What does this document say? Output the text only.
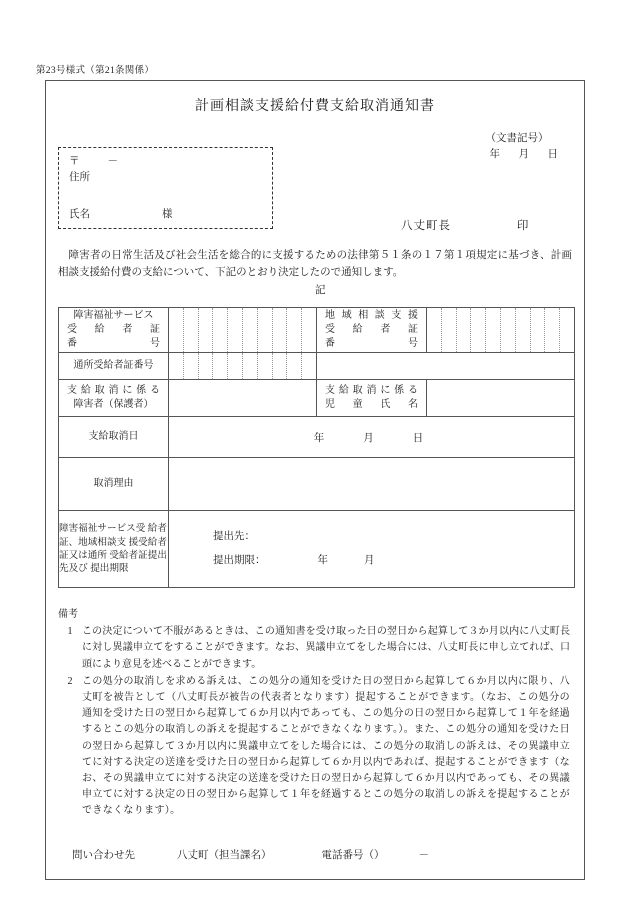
第23号様式（第21条関係）
計画相談支援給付費支給取消通知書
（文書記号）
年　月　日
〒	－
住所
氏名	様
八丈町長	印

障害者の日常生活及び社会生活を総合的に支援するための法律第５１条の１７第１項規定に基づき、計画相談支援給付費の支給について、下記のとおり決定したので通知します。

記

障害福祉サービス
受給者証
番号		地域相談支援
受給者証
番号	

通所受給者証番号		

支給取消に係る
障害者（保護者）		支給取消に係る
児童氏名	

支給取消日	年　　月　　日		
取消理由			
障害福祉サービス受 給者証、地域相談支 援受給者証又は通所 受給者証提出先及び 提出期限	提出先：
提出期限： 年　　月		
備考
1 この決定について不服があるときは、この通知書を受け取った日の翌日から起算して３か月以内に八丈町長に対し異議申立てをすることができます。なお、異議申立てをした場合には、八丈町長に申し立てれば、口頭により意見を述べることができます。
2 この処分の取消しを求める訴えは、この処分の通知を受けた日の翌日から起算して６か月以内に限り、八丈町を被告として（八丈町長が被告の代表者となります）提起することができます。（なお、この処分の通知を受けた日の翌日から起算して６か月以内であっても、この処分の日の翌日から起算して１年を経過するとこの処分の取消しの訴えを提起することができなくなります。）。また、この処分の通知を受けた日の翌日から起算して３か月以内に異議申立てをした場合には、この処分の取消しの訴えは、その異議申立てに対する決定の送達を受けた日の翌日から起算して６か月以内であれば、提起することができます（なお、その異議申立てに対する決定の送達を受けた日の翌日から起算して６か月以内であっても、その異議申立てに対する決定の日の翌日から起算して１年を経過するとこの処分の取消しの訴えを提起することができなくなります）。
問い合わせ先	八丈町（担当課名）	電話番号（） －
